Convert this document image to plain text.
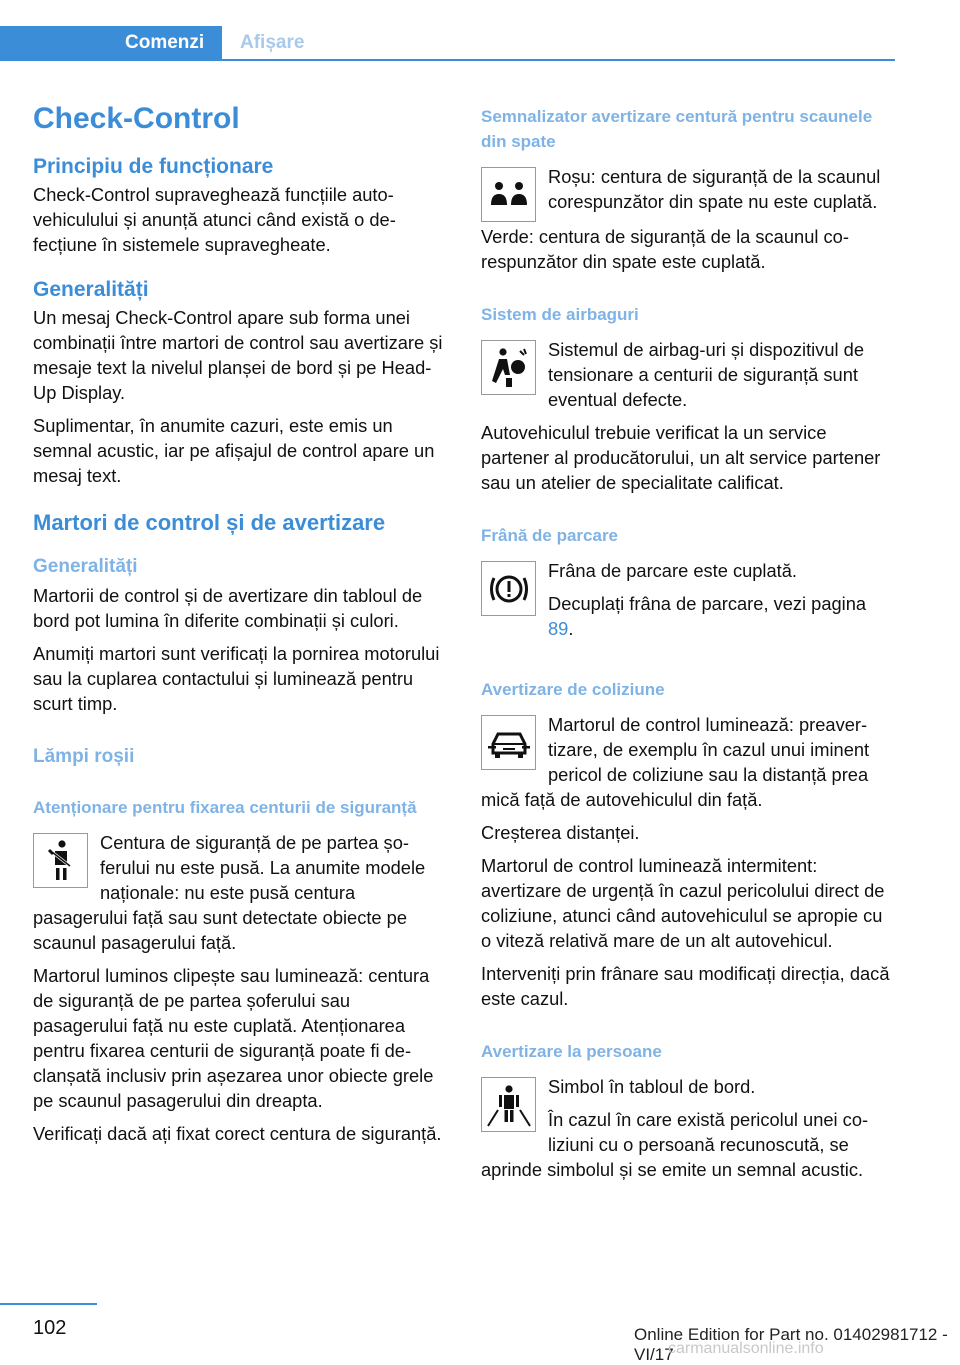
Comenzi	Afișare
Check-Control
Principiu de funcționare

Check-Control supraveghează funcțiile autovehiculului și anunță atunci când există o defecțiune în sistemele supravegheate.

Generalități

Un mesaj Check-Control apare sub forma unei combinații între martori de control sau avertizare și mesaje text la nivelul planșei de bord și pe Head-Up Display.

Suplimentar, în anumite cazuri, este emis un semnal acustic, iar pe afișajul de control apare un mesaj text.

Martori de control și de avertizare
Generalități

Martorii de control și de avertizare din tabloul de bord pot lumina în diferite combinații și culori.

Anumiți martori sunt verificați la pornirea motorului sau la cuplarea contactului și luminează pentru scurt timp.

Lămpi roșii
Atenționare pentru fixarea centurii de siguranță

Centura de siguranță de pe partea șoferului nu este pusă. La anumite modele naționale: nu este pusă centura pasagerului față sau sunt detectate obiecte pe scaunul pasagerului față.

Martorul luminos clipește sau luminează: centura de siguranță de pe partea șoferului sau pasagerului față nu este cuplată. Atenționarea pentru fixarea centurii de siguranță poate fi declanșată inclusiv prin așezarea unor obiecte grele pe scaunul pasagerului din dreapta.

Verificați dacă ați fixat corect centura de siguranță.

Semnalizator avertizare centură pentru scaunele din spate

Roșu: centura de siguranță de la scaunul corespunzător din spate nu este cuplată.

Verde: centura de siguranță de la scaunul corespunzător din spate este cuplată.

Sistem de airbaguri

Sistemul de airbag-uri și dispozitivul de tensionare a centurii de siguranță sunt eventual defecte.

Autovehiculul trebuie verificat la un service partener al producătorului, un alt service partener sau un atelier de specialitate calificat.

Frână de parcare

Frâna de parcare este cuplată.

Decuplați frâna de parcare, vezi pagina 89.

Avertizare de coliziune

Martorul de control luminează: preavertizare, de exemplu în cazul unui iminent pericol de coliziune sau la distanță prea mică față de autovehiculul din față.

Creșterea distanței.

Martorul de control luminează intermitent: avertizare de urgență în cazul pericolului direct de coliziune, atunci când autovehiculul se apropie cu o viteză relativă mare de un alt autovehicul.

Interveniți prin frânare sau modificați direcția, dacă este cazul.

Avertizare la persoane

Simbol în tabloul de bord.

În cazul în care există pericolul unei coliziuni cu o persoană recunoscută, se aprinde simbolul și se emite un semnal acustic.

102	Online Edition for Part no. 01402981712 - VI/17
carmanualsonline.info
